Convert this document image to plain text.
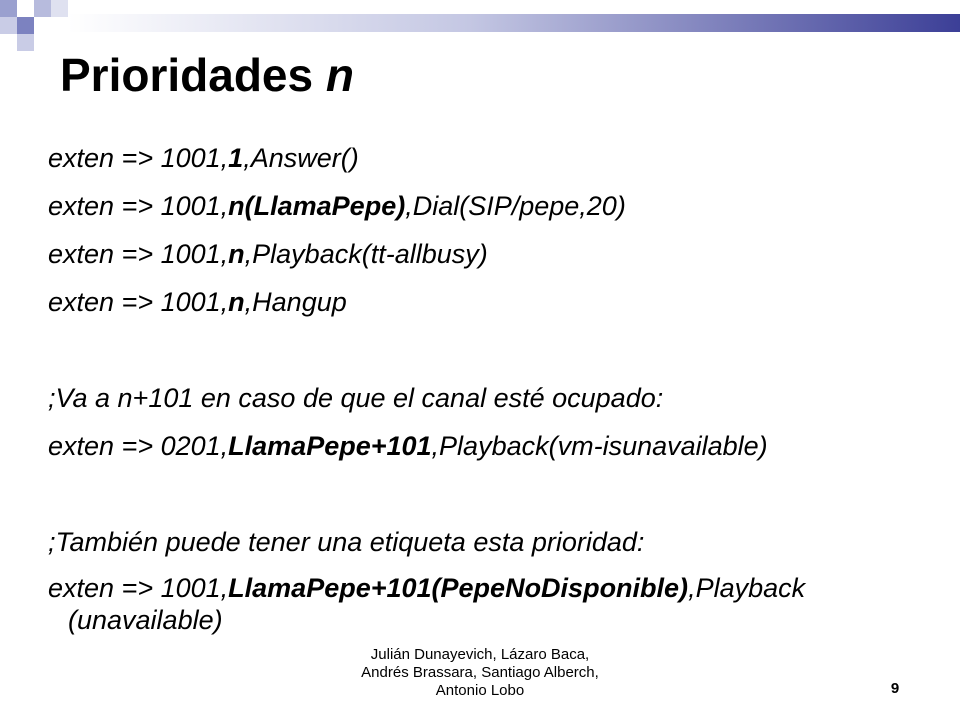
Prioridades n
exten => 1001,1,Answer()
exten => 1001,n(LlamaPepe),Dial(SIP/pepe,20)
exten => 1001,n,Playback(tt-allbusy)
exten => 1001,n,Hangup
;Va a n+101 en caso de que el canal esté ocupado:
exten => 0201,LlamaPepe+101,Playback(vm-isunavailable)
;También puede tener una etiqueta esta prioridad:
exten => 1001,LlamaPepe+101(PepeNoDisponible),Playback (unavailable)
Julián Dunayevich, Lázaro Baca,
Andrés Brassara, Santiago Alberch,
Antonio Lobo	9
